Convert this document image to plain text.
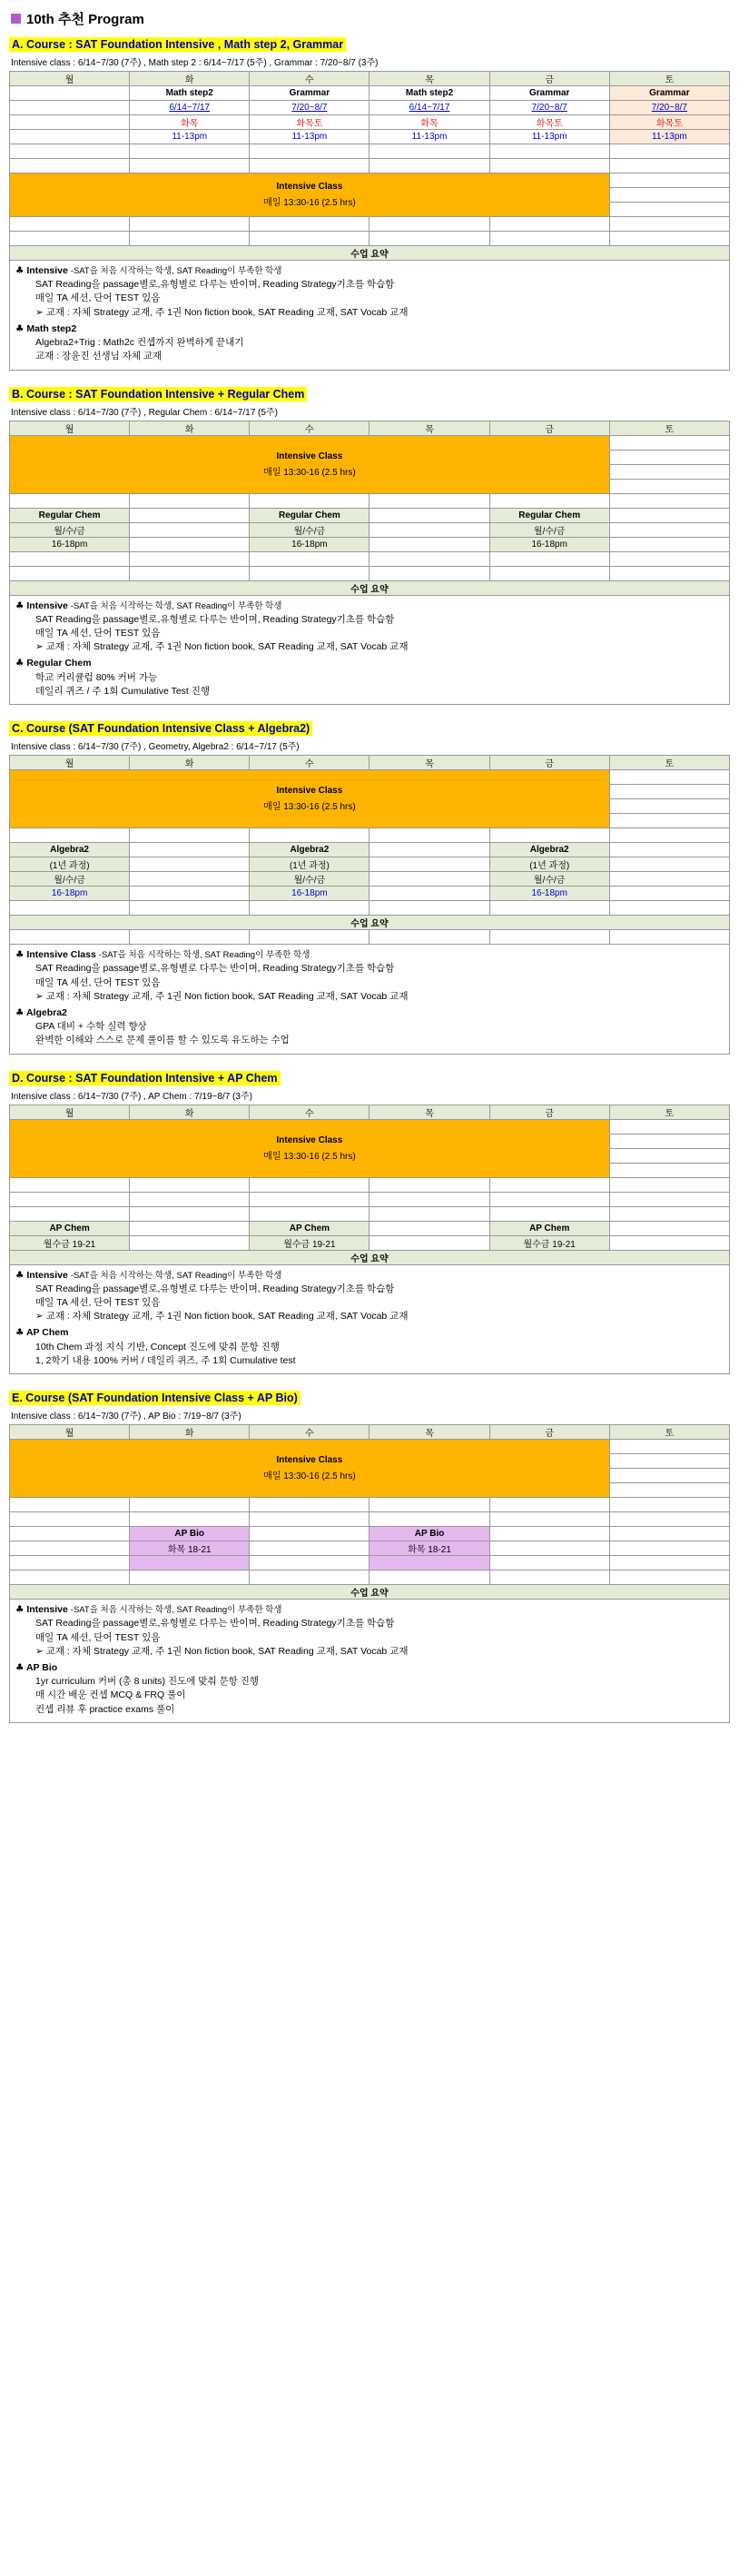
10th 추천 Program
A. Course : SAT Foundation Intensive , Math step 2, Grammar
Intensive class : 6/14~7/30 (7주) , Math step 2 : 6/14~7/17 (5주) , Grammar : 7/20~8/7 (3주)
월	화	수	목	금	토
	Math step2	Grammar	Math step2	Grammar	Grammar
	6/14~7/17	7/20~8/7	6/14~7/17	7/20~8/7	7/20~8/7
	화목	화목토	화목	화목토	화목토
	11-13pm	11-13pm	11-13pm	11-13pm	11-13pm

Intensive Class
매일 13:30-16 (2.5 hrs)					

수업 요약					
♣ Intensive -SAT을 처음 시작하는 학생, SAT Reading이 부족한 학생
SAT Reading을 passage별로,유형별로 다루는 반이며, Reading Strategy기초를 학습함
매일 TA 세션, 단어 TEST 있음
➢ 교재 : 자체 Strategy 교재, 주 1권 Non fiction book, SAT Reading 교재, SAT Vocab 교재
♣ Math step2
Algebra2+Trig : Math2c 컨셉까지 완벽하게 끝내기
교재 : 장윤진 선생님 자체 교재
B. Course : SAT Foundation Intensive + Regular Chem
Intensive class : 6/14~7/30 (7주) , Regular Chem : 6/14~7/17 (5주)
월	화	수	목	금	토

Intensive Class
매일 13:30-16 (2.5 hrs)					

Regular Chem		Regular Chem		Regular Chem	
월/수/금		월/수/금		월/수/금	
16-18pm		16-18pm		16-18pm	

수업 요약					
♣ Intensive -SAT을 처음 시작하는 학생, SAT Reading이 부족한 학생
SAT Reading을 passage별로,유형별로 다루는 반이며, Reading Strategy기초를 학습함
매일 TA 세션, 단어 TEST 있음
➢ 교재 : 자체 Strategy 교재, 주 1권 Non fiction book, SAT Reading 교재, SAT Vocab 교재
♣ Regular Chem
학교 커리큘럼 80% 커버 가능
데일리 퀴즈 / 주 1회 Cumulative Test 진행
C. Course (SAT Foundation Intensive Class + Algebra2)
Intensive class : 6/14~7/30 (7주) , Geometry, Algebra2 : 6/14~7/17 (5주)
월	화	수	목	금	토

Intensive Class
매일 13:30-16 (2.5 hrs)					

Algebra2		Algebra2		Algebra2	
(1년 과정)		(1년 과정)		(1년 과정)	
월/수/금		월/수/금		월/수/금	
16-18pm		16-18pm		16-18pm	

수업 요약					

♣ Intensive Class -SAT을 처음 시작하는 학생, SAT Reading이 부족한 학생
SAT Reading을 passage별로,유형별로 다루는 반이며, Reading Strategy기초를 학습함
매일 TA 세션, 단어 TEST 있음
➢ 교재 : 자체 Strategy 교재, 주 1권 Non fiction book, SAT Reading 교재, SAT Vocab 교재
♣ Algebra2
GPA 대비 + 수학 실력 향상
완벽한 이해와 스스로 문제 풀이를 할 수 있도록 유도하는 수업
D. Course : SAT Foundation Intensive + AP Chem
Intensive class : 6/14~7/30 (7주) , AP Chem : 7/19~8/7 (3주)
월	화	수	목	금	토

Intensive Class
매일 13:30-16 (2.5 hrs)					

AP Chem		AP Chem		AP Chem	
월수금 19-21		월수금 19-21		월수금 19-21	
수업 요약					
♣ Intensive -SAT을 처음 시작하는 학생, SAT Reading이 부족한 학생
SAT Reading을 passage별로,유형별로 다루는 반이며, Reading Strategy기초를 학습함
매일 TA 세션, 단어 TEST 있음
➢ 교재 : 자체 Strategy 교재, 주 1권 Non fiction book, SAT Reading 교재, SAT Vocab 교재
♣ AP Chem
10th Chem 과정 지식 기반, Concept 진도에 맞춰 문항 진행
1, 2학기 내용 100% 커버 / 데일리 퀴즈, 주 1회 Cumulative test
E. Course (SAT Foundation Intensive Class + AP Bio)
Intensive class : 6/14~7/30 (7주) , AP Bio : 7/19~8/7 (3주)
월	화	수	목	금	토

Intensive Class
매일 13:30-16 (2.5 hrs)					

	AP Bio		AP Bio		
	화목 18-21		화목 18-21		

수업 요약					
♣ Intensive -SAT을 처음 시작하는 학생, SAT Reading이 부족한 학생
SAT Reading을 passage별로,유형별로 다루는 반이며, Reading Strategy기초를 학습함
매일 TA 세션, 단어 TEST 있음
➢ 교재 : 자체 Strategy 교재, 주 1권 Non fiction book, SAT Reading 교재, SAT Vocab 교재
♣ AP Bio
1yr curriculum 커버 (총 8 units) 진도에 맞춰 문항 진행
매 시간 배운 컨셉 MCQ & FRQ 풀이
컨셉 리뷰 후 practice exams 풀이
